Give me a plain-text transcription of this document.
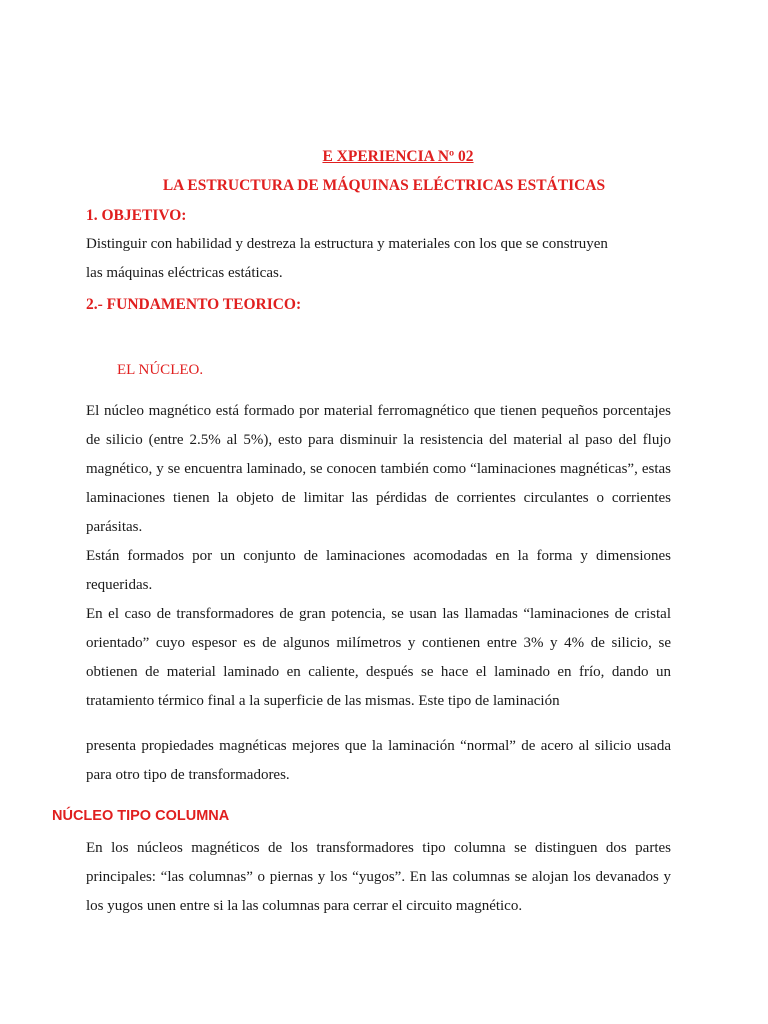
E XPERIENCIA Nº 02
LA ESTRUCTURA DE MÁQUINAS ELÉCTRICAS ESTÁTICAS
1. OBJETIVO:
Distinguir con habilidad y destreza la estructura y materiales con los que se construyen
las máquinas eléctricas estáticas.
2.- FUNDAMENTO TEORICO:
EL NÚCLEO.
El núcleo magnético está formado por material ferromagnético que tienen pequeños porcentajes de silicio (entre 2.5% al 5%), esto para disminuir la resistencia del material al paso del flujo magnético, y se encuentra laminado, se conocen también como “laminaciones magnéticas”, estas laminaciones tienen la objeto de limitar las pérdidas de corrientes circulantes o corrientes parásitas.
Están formados por un conjunto de laminaciones acomodadas en la forma y dimensiones requeridas.
En el caso de transformadores de gran potencia, se usan las llamadas “laminaciones de cristal orientado” cuyo espesor es de algunos milímetros y contienen entre 3% y 4% de silicio, se obtienen de material laminado en caliente, después se hace el laminado en frío, dando un tratamiento térmico final a la superficie de las mismas. Este tipo de laminación
presenta propiedades magnéticas mejores que la laminación “normal” de acero al silicio usada para otro tipo de transformadores.
NÚCLEO TIPO COLUMNA
En los núcleos magnéticos de los transformadores tipo columna se distinguen dos partes principales: “las columnas” o piernas y los “yugos”. En las columnas se alojan los devanados y los yugos unen entre si la las columnas para cerrar el circuito magnético.
